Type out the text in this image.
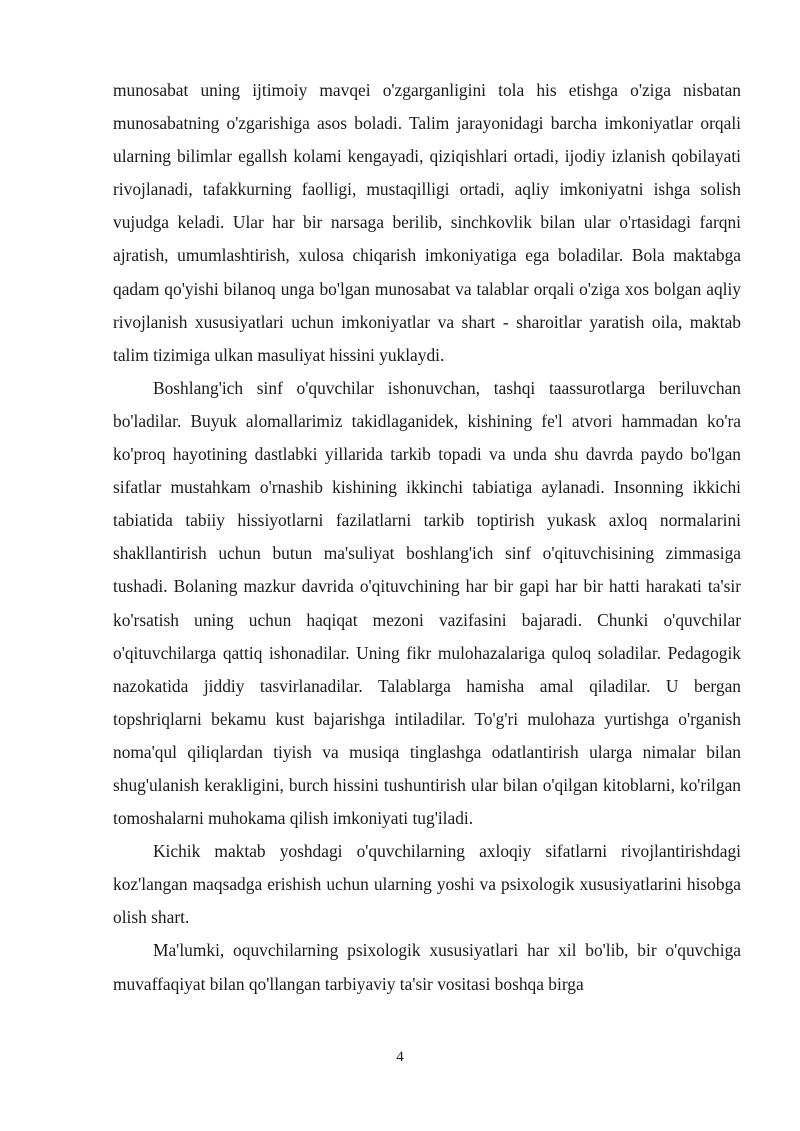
munosabat uning ijtimoiy mavqei o'zgarganligini tola his etishga o'ziga nisbatan munosabatning o'zgarishiga asos boladi. Talim jarayonidagi barcha imkoniyatlar orqali ularning bilimlar egallsh kolami kengayadi, qiziqishlari ortadi, ijodiy izlanish qobilayati rivojlanadi, tafakkurning faolligi, mustaqilligi ortadi, aqliy imkoniyatni ishga solish vujudga keladi. Ular har bir narsaga berilib, sinchkovlik bilan ular o'rtasidagi farqni ajratish, umumlashtirish, xulosa chiqarish imkoniyatiga ega boladilar. Bola maktabga qadam qo'yishi bilanoq unga bo'lgan munosabat va talablar orqali o'ziga xos bolgan aqliy rivojlanish xususiyatlari uchun imkoniyatlar va shart - sharoitlar yaratish oila, maktab talim tizimiga ulkan masuliyat hissini yuklaydi.

Boshlang'ich sinf o'quvchilar ishonuvchan, tashqi taassurotlarga beriluvchan bo'ladilar. Buyuk alomallarimiz takidlaganidek, kishining fe'l atvori hammadan ko'ra ko'proq hayotining dastlabki yillarida tarkib topadi va unda shu davrda paydo bo'lgan sifatlar mustahkam o'rnashib kishining ikkinchi tabiatiga aylanadi. Insonning ikkichi tabiatida tabiiy hissiyotlarni fazilatlarni tarkib toptirish yukask axloq normalarini shakllantirish uchun butun ma'suliyat boshlang'ich sinf o'qituvchisining zimmasiga tushadi. Bolaning mazkur davrida o'qituvchining har bir gapi har bir hatti harakati ta'sir ko'rsatish uning uchun haqiqat mezoni vazifasini bajaradi. Chunki o'quvchilar o'qituvchilarga qattiq ishonadilar. Uning fikr mulohazalariga quloq soladilar. Pedagogik nazokatida jiddiy tasvirlanadilar. Talablarga hamisha amal qiladilar. U bergan topshriqlarni bekamu kust bajarishga intiladilar. To'g'ri mulohaza yurtishga o'rganish noma'qul qiliqlardan tiyish va musiqa tinglashga odatlantirish ularga nimalar bilan shug'ulanish kerakligini, burch hissini tushuntirish ular bilan o'qilgan kitoblarni, ko'rilgan tomoshalarni muhokama qilish imkoniyati tug'iladi.

Kichik maktab yoshdagi o'quvchilarning axloqiy sifatlarni rivojlantirishdagi koz'langan maqsadga erishish uchun ularning yoshi va psixologik xususiyatlarini hisobga olish shart.

Ma'lumki, oquvchilarning psixologik xususiyatlari har xil bo'lib, bir o'quvchiga muvaffaqiyat bilan qo'llangan tarbiyaviy ta'sir vositasi boshqa birga

4
